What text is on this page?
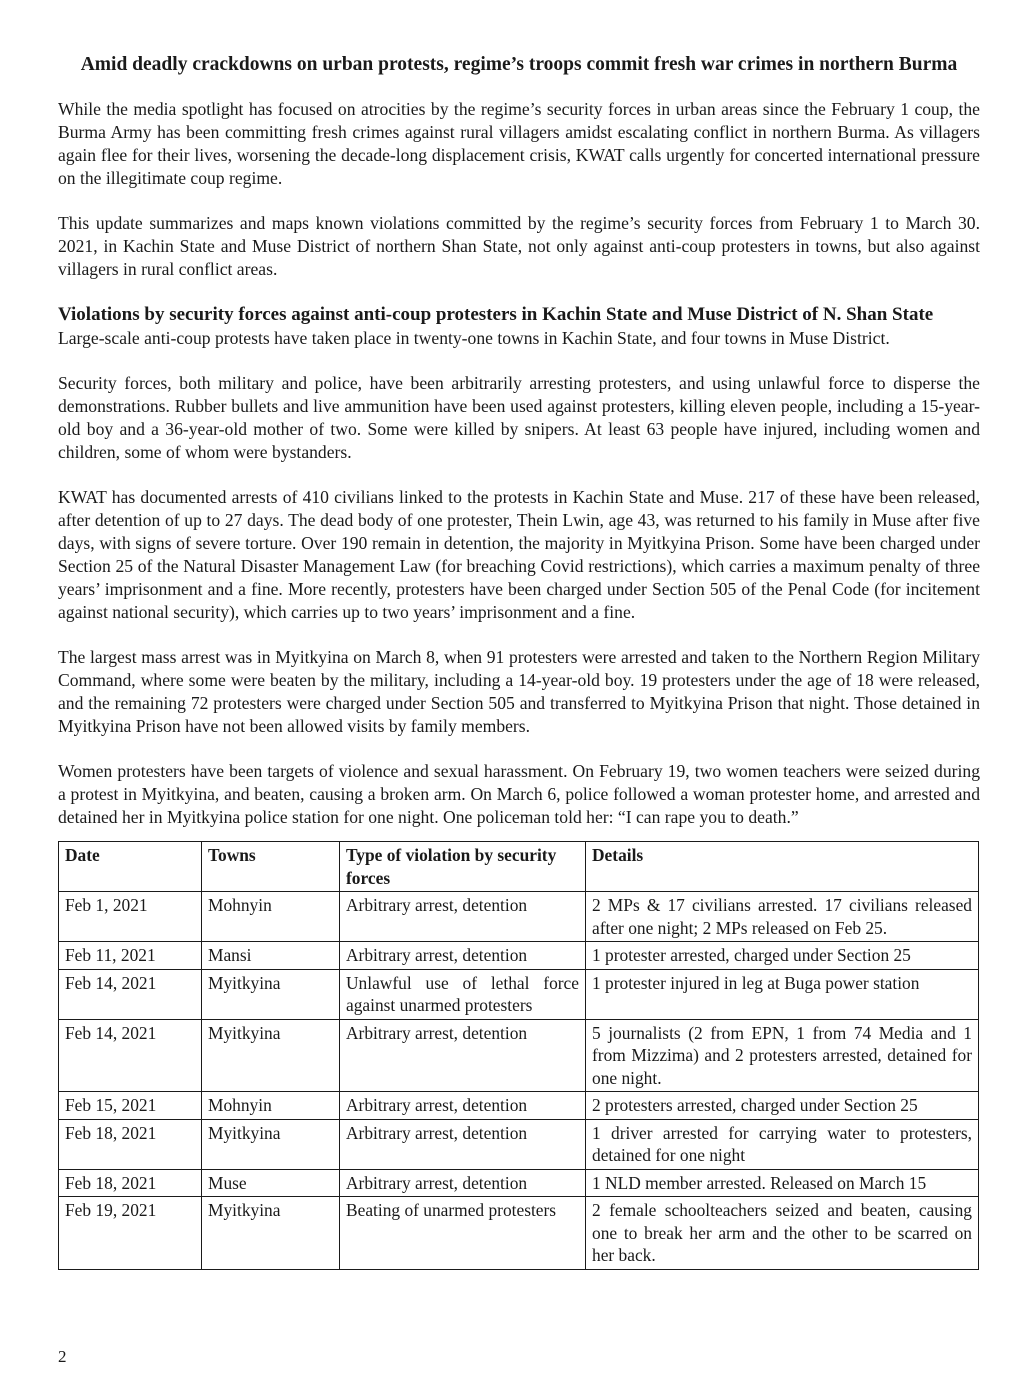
Amid deadly crackdowns on urban protests, regime’s troops commit fresh war crimes in northern Burma

While the media spotlight has focused on atrocities by the regime’s security forces in urban areas since the February 1 coup, the Burma Army has been committing fresh crimes against rural villagers amidst escalating conflict in northern Burma. As villagers again flee for their lives, worsening the decade-long displacement crisis, KWAT calls urgently for concerted international pressure on the illegitimate coup regime.

This update summarizes and maps known violations committed by the regime’s security forces from February 1 to March 30. 2021, in Kachin State and Muse District of northern Shan State, not only against anti-coup protesters in towns, but also against villagers in rural conflict areas.

Violations by security forces against anti-coup protesters in Kachin State and Muse District of N. Shan State

Large-scale anti-coup protests have taken place in twenty-one towns in Kachin State, and four towns in Muse District.

Security forces, both military and police, have been arbitrarily arresting protesters, and using unlawful force to disperse the demonstrations. Rubber bullets and live ammunition have been used against protesters, killing eleven people, including a 15-year-old boy and a 36-year-old mother of two. Some were killed by snipers. At least 63 people have injured, including women and children, some of whom were bystanders.

KWAT has documented arrests of 410 civilians linked to the protests in Kachin State and Muse. 217 of these have been released, after detention of up to 27 days. The dead body of one protester, Thein Lwin, age 43, was returned to his family in Muse after five days, with signs of severe torture. Over 190 remain in detention, the majority in Myitkyina Prison. Some have been charged under Section 25 of the Natural Disaster Management Law (for breaching Covid restrictions), which carries a maximum penalty of three years’ imprisonment and a fine. More recently, protesters have been charged under Section 505 of the Penal Code (for incitement against national security), which carries up to two years’ imprisonment and a fine.

The largest mass arrest was in Myitkyina on March 8, when 91 protesters were arrested and taken to the Northern Region Military Command, where some were beaten by the military, including a 14-year-old boy. 19 protesters under the age of 18 were released, and the remaining 72 protesters were charged under Section 505 and transferred to Myitkyina Prison that night. Those detained in Myitkyina Prison have not been allowed visits by family members.

Women protesters have been targets of violence and sexual harassment. On February 19, two women teachers were seized during a protest in Myitkyina, and beaten, causing a broken arm. On March 6, police followed a woman protester home, and arrested and detained her in Myitkyina police station for one night. One policeman told her: “I can rape you to death.”

Date	Towns	Type of violation by security forces	Details
Feb 1, 2021	Mohnyin	Arbitrary arrest, detention	2 MPs & 17 civilians arrested. 17 civilians released after one night; 2 MPs released on Feb 25.
Feb 11, 2021	Mansi	Arbitrary arrest, detention	1 protester arrested, charged under Section 25
Feb 14, 2021	Myitkyina	Unlawful use of lethal force against unarmed protesters	1 protester injured in leg at Buga power station
Feb 14, 2021	Myitkyina	Arbitrary arrest, detention	5 journalists (2 from EPN, 1 from 74 Media and 1 from Mizzima) and 2 protesters arrested, detained for one night.
Feb 15, 2021	Mohnyin	Arbitrary arrest, detention	2 protesters arrested, charged under Section 25
Feb 18, 2021	Myitkyina	Arbitrary arrest, detention	1 driver arrested for carrying water to protesters, detained for one night
Feb 18, 2021	Muse	Arbitrary arrest, detention	1 NLD member arrested. Released on March 15
Feb 19, 2021	Myitkyina	Beating of unarmed protesters	2 female schoolteachers seized and beaten, causing one to break her arm and the other to be scarred on her back.
2
